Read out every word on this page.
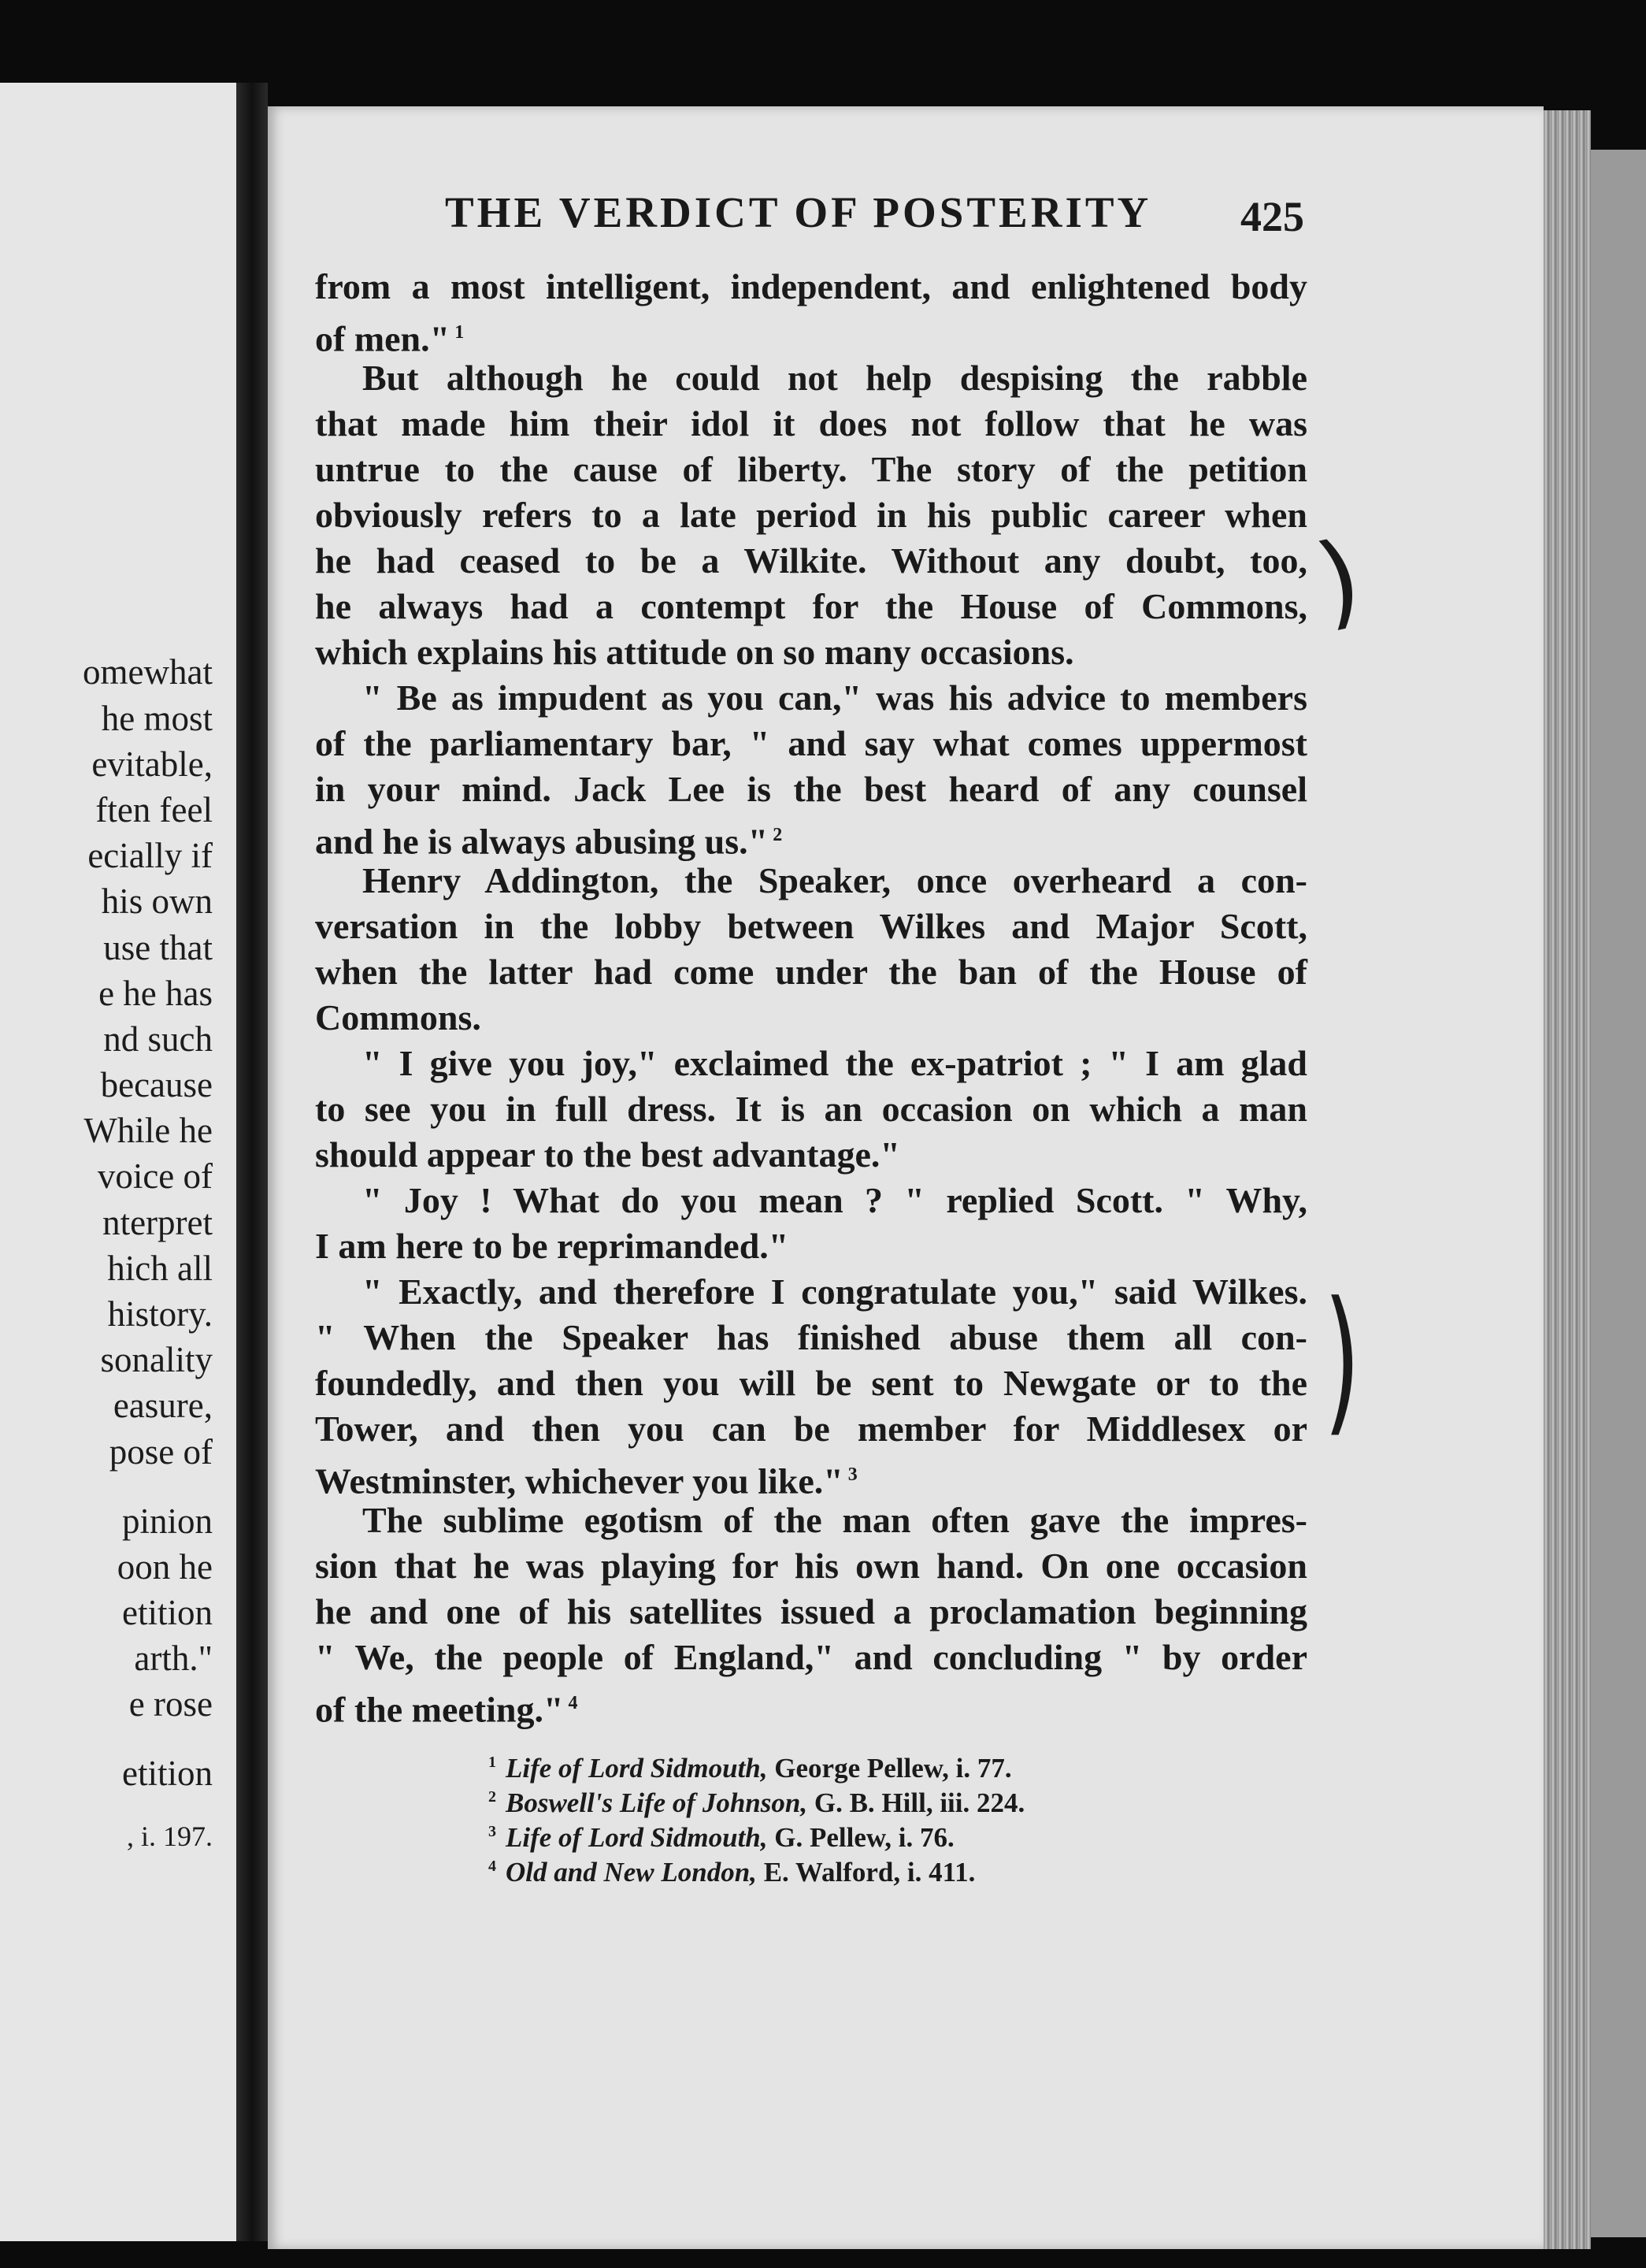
omewhat
he most
evitable,
ften feel
ecially if
his own
use that
e he has
nd such
because
While he
voice of
nterpret
hich all
history.
sonality
easure,
pose of
pinion
oon he
etition
arth."
e rose
etition
, i. 197.
THE VERDICT OF POSTERITY 425
from a most intelligent, independent, and enlightened body
of men." $^1$
But although he could not help despising the rabble
that made him their idol it does not follow that he was
untrue to the cause of liberty. The story of the petition
obviously refers to a late period in his public career when
he had ceased to be a Wilkite. Without any doubt, too,
he always had a contempt for the House of Commons,
which explains his attitude on so many occasions.
" Be as impudent as you can," was his advice to members
of the parliamentary bar, " and say what comes uppermost
in your mind. Jack Lee is the best heard of any counsel
and he is always abusing us." $^2$
Henry Addington, the Speaker, once overheard a con-
versation in the lobby between Wilkes and Major Scott,
when the latter had come under the ban of the House of
Commons.
" I give you joy," exclaimed the ex-patriot ; " I am glad
to see you in full dress. It is an occasion on which a man
should appear to the best advantage."
" Joy ! What do you mean ? " replied Scott. " Why,
I am here to be reprimanded."
" Exactly, and therefore I congratulate you," said Wilkes.
" When the Speaker has finished abuse them all con-
foundedly, and then you will be sent to Newgate or to the
Tower, and then you can be member for Middlesex or
Westminster, whichever you like." $^3$
The sublime egotism of the man often gave the impres-
sion that he was playing for his own hand. On one occasion
he and one of his satellites issued a proclamation beginning
" We, the people of England," and concluding " by order
of the meeting." $^4$
)
)
$^1$ Life of Lord Sidmouth, George Pellew, i. 77.
$^2$ Boswell's Life of Johnson, G. B. Hill, iii. 224.
$^3$ Life of Lord Sidmouth, G. Pellew, i. 76.
$^4$ Old and New London, E. Walford, i. 411.
